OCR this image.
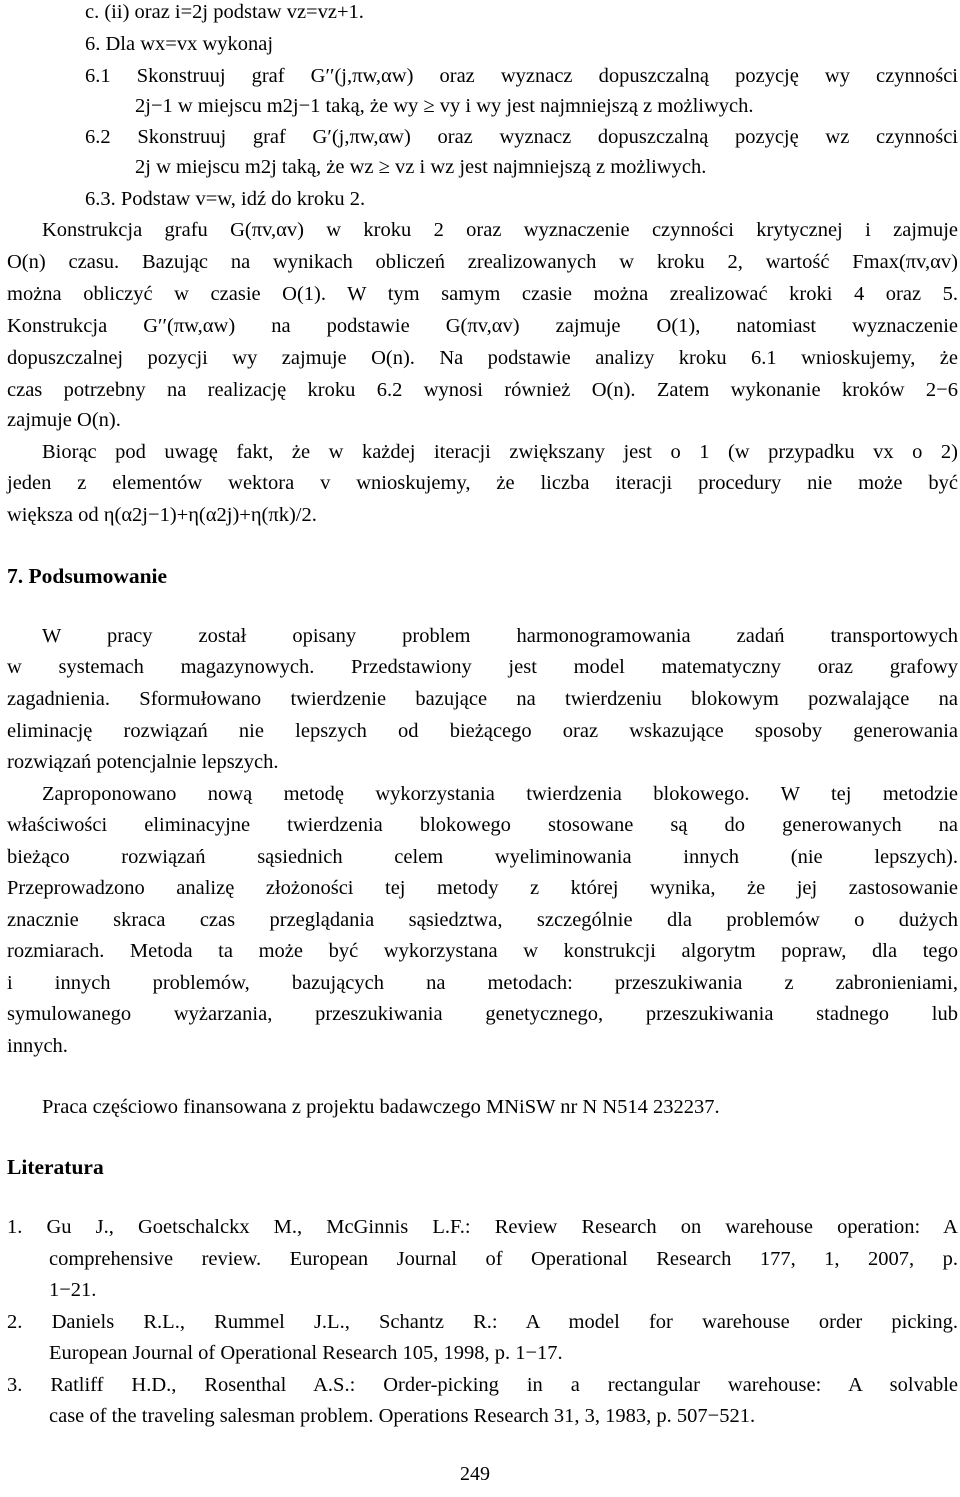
c. (ii) oraz i=2j podstaw vz=vz+1.
6. Dla wx=vx wykonaj
6.1 Skonstruuj graf G′′(j,πw,αw) oraz wyznacz dopuszczalną pozycję wy czynności
2j−1 w miejscu m2j−1 taką, że wy ≥ vy i wy jest najmniejszą z możliwych.
6.2 Skonstruuj graf G′(j,πw,αw) oraz wyznacz dopuszczalną pozycję wz czynności
2j w miejscu m2j taką, że wz ≥ vz i wz jest najmniejszą z możliwych.
6.3. Podstaw v=w, idź do kroku 2.
Konstrukcja grafu G(πv,αv) w kroku 2 oraz wyznaczenie czynności krytycznej i zajmuje
O(n) czasu. Bazując na wynikach obliczeń zrealizowanych w kroku 2, wartość Fmax(πv,αv)
można obliczyć w czasie O(1). W tym samym czasie można zrealizować kroki 4 oraz 5.
Konstrukcja G′′(πw,αw) na podstawie G(πv,αv) zajmuje O(1), natomiast wyznaczenie
dopuszczalnej pozycji wy zajmuje O(n). Na podstawie analizy kroku 6.1 wnioskujemy, że
czas potrzebny na realizację kroku 6.2 wynosi również O(n). Zatem wykonanie kroków 2−6
zajmuje O(n).
Biorąc pod uwagę fakt, że w każdej iteracji zwiększany jest o 1 (w przypadku vx o 2)
jeden z elementów wektora v wnioskujemy, że liczba iteracji procedury nie może być
większa od η(α2j−1)+η(α2j)+η(πk)/2.
7. Podsumowanie
W pracy został opisany problem harmonogramowania zadań transportowych
w systemach magazynowych. Przedstawiony jest model matematyczny oraz grafowy
zagadnienia. Sformułowano twierdzenie bazujące na twierdzeniu blokowym pozwalające na
eliminację rozwiązań nie lepszych od bieżącego oraz wskazujące sposoby generowania
rozwiązań potencjalnie lepszych.
Zaproponowano nową metodę wykorzystania twierdzenia blokowego. W tej metodzie
właściwości eliminacyjne twierdzenia blokowego stosowane są do generowanych na
bieżąco rozwiązań sąsiednich celem wyeliminowania innych (nie lepszych).
Przeprowadzono analizę złożoności tej metody z której wynika, że jej zastosowanie
znacznie skraca czas przeglądania sąsiedztwa, szczególnie dla problemów o dużych
rozmiarach. Metoda ta może być wykorzystana w konstrukcji algorytm popraw, dla tego
i innych problemów, bazujących na metodach: przeszukiwania z zabronieniami,
symulowanego wyżarzania, przeszukiwania genetycznego, przeszukiwania stadnego lub
innych.
Praca częściowo finansowana z projektu badawczego MNiSW nr N N514 232237.
Literatura
1. Gu J., Goetschalckx M., McGinnis L.F.: Review Research on warehouse operation: A
comprehensive review. European Journal of Operational Research 177, 1, 2007, p.
1−21.
2. Daniels R.L., Rummel J.L., Schantz R.: A model for warehouse order picking.
European Journal of Operational Research 105, 1998, p. 1−17.
3. Ratliff H.D., Rosenthal A.S.: Order-picking in a rectangular warehouse: A solvable
case of the traveling salesman problem. Operations Research 31, 3, 1983, p. 507−521.
249
